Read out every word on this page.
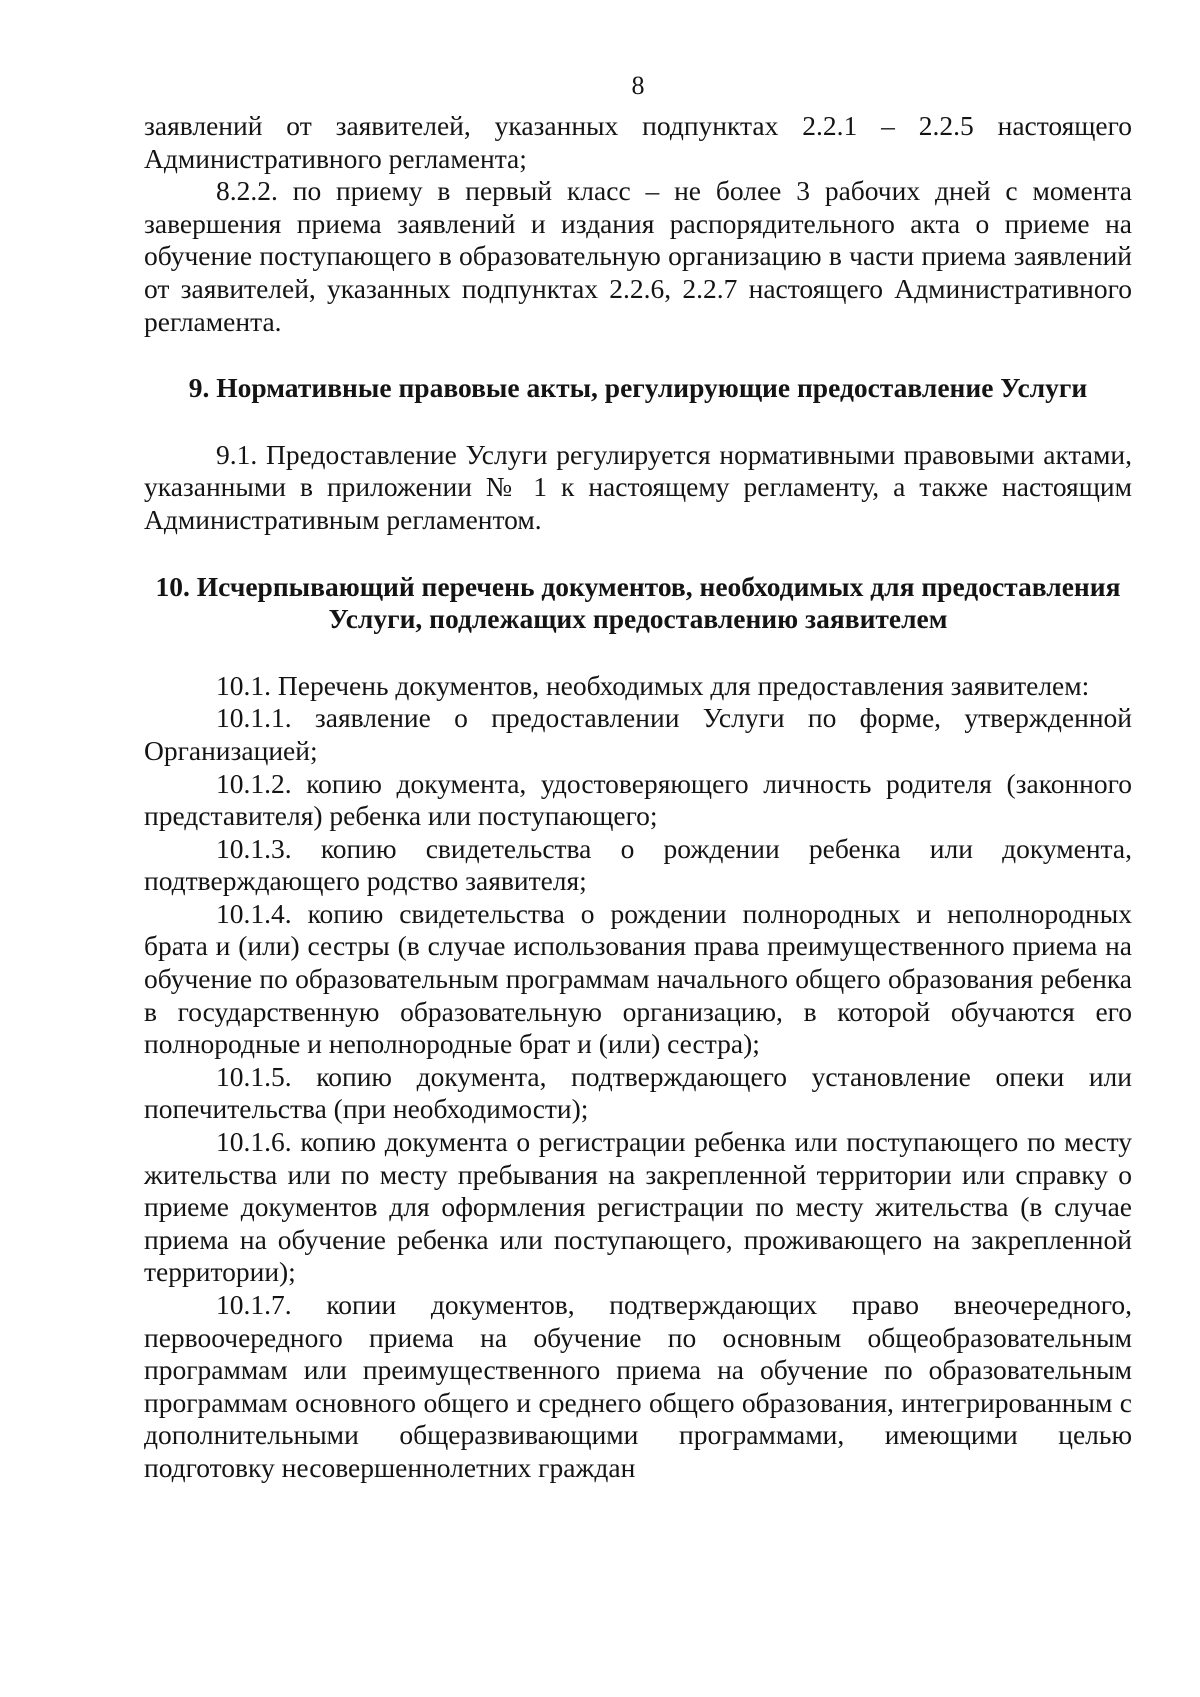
8

заявлений от заявителей, указанных подпунктах 2.2.1 – 2.2.5 настоящего Административного регламента;

8.2.2. по приему в первый класс – не более 3 рабочих дней с момента завершения приема заявлений и издания распорядительного акта о приеме на обучение поступающего в образовательную организацию в части приема заявлений от заявителей, указанных подпунктах 2.2.6, 2.2.7 настоящего Административного регламента.

9. Нормативные правовые акты, регулирующие предоставление Услуги

9.1. Предоставление Услуги регулируется нормативными правовыми актами, указанными в приложении № 1 к настоящему регламенту, а также настоящим Административным регламентом.

10. Исчерпывающий перечень документов, необходимых для предоставления Услуги, подлежащих предоставлению заявителем

10.1. Перечень документов, необходимых для предоставления заявителем:

10.1.1. заявление о предоставлении Услуги по форме, утвержденной Организацией;

10.1.2. копию документа, удостоверяющего личность родителя (законного представителя) ребенка или поступающего;

10.1.3. копию свидетельства о рождении ребенка или документа, подтверждающего родство заявителя;

10.1.4. копию свидетельства о рождении полнородных и неполнородных брата и (или) сестры (в случае использования права преимущественного приема на обучение по образовательным программам начального общего образования ребенка в государственную образовательную организацию, в которой обучаются его полнородные и неполнородные брат и (или) сестра);

10.1.5. копию документа, подтверждающего установление опеки или попечительства (при необходимости);

10.1.6. копию документа о регистрации ребенка или поступающего по месту жительства или по месту пребывания на закрепленной территории или справку о приеме документов для оформления регистрации по месту жительства (в случае приема на обучение ребенка или поступающего, проживающего на закрепленной территории);

10.1.7. копии документов, подтверждающих право внеочередного, первоочередного приема на обучение по основным общеобразовательным программам или преимущественного приема на обучение по образовательным программам основного общего и среднего общего образования, интегрированным с дополнительными общеразвивающими программами, имеющими целью подготовку несовершеннолетних граждан
